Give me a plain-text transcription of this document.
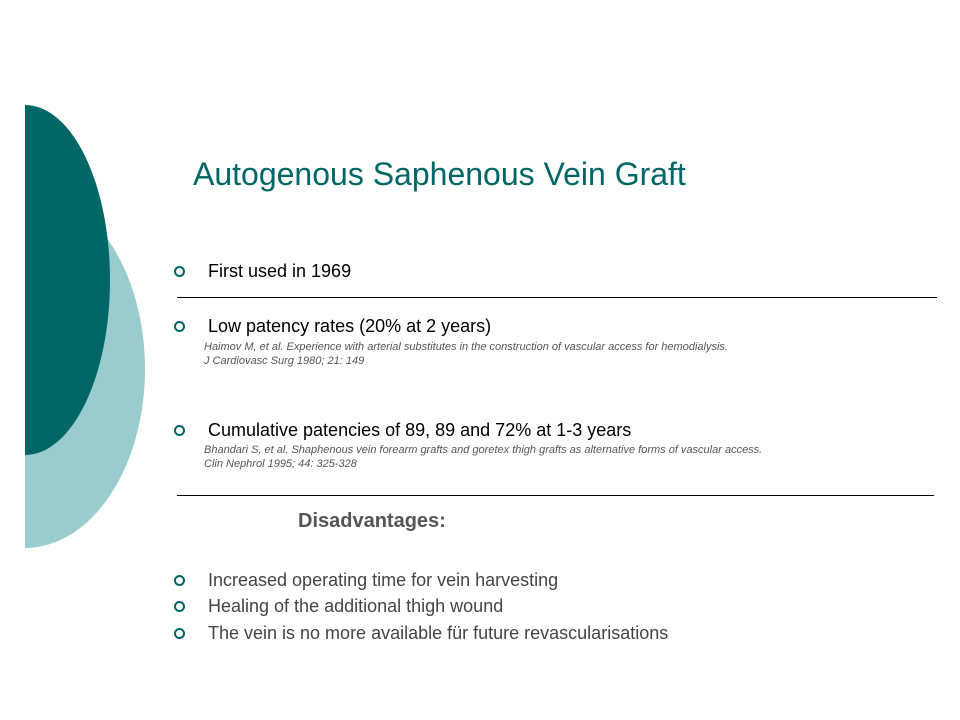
Autogenous Saphenous Vein Graft
First used in 1969
Low patency rates (20% at 2 years)
Haimov M, et al. Experience with arterial substitutes in the construction of vascular access for hemodialysis.
J Cardiovasc Surg 1980; 21: 149
Cumulative patencies of 89, 89 and 72% at 1-3 years
Bhandari S, et al. Shaphenous vein forearm grafts and goretex thigh grafts as alternative forms of vascular access.
Clin Nephrol 1995; 44: 325-328
Disadvantages:
Increased operating time for vein harvesting
Healing of the additional thigh wound
The vein is no more available für future revascularisations
